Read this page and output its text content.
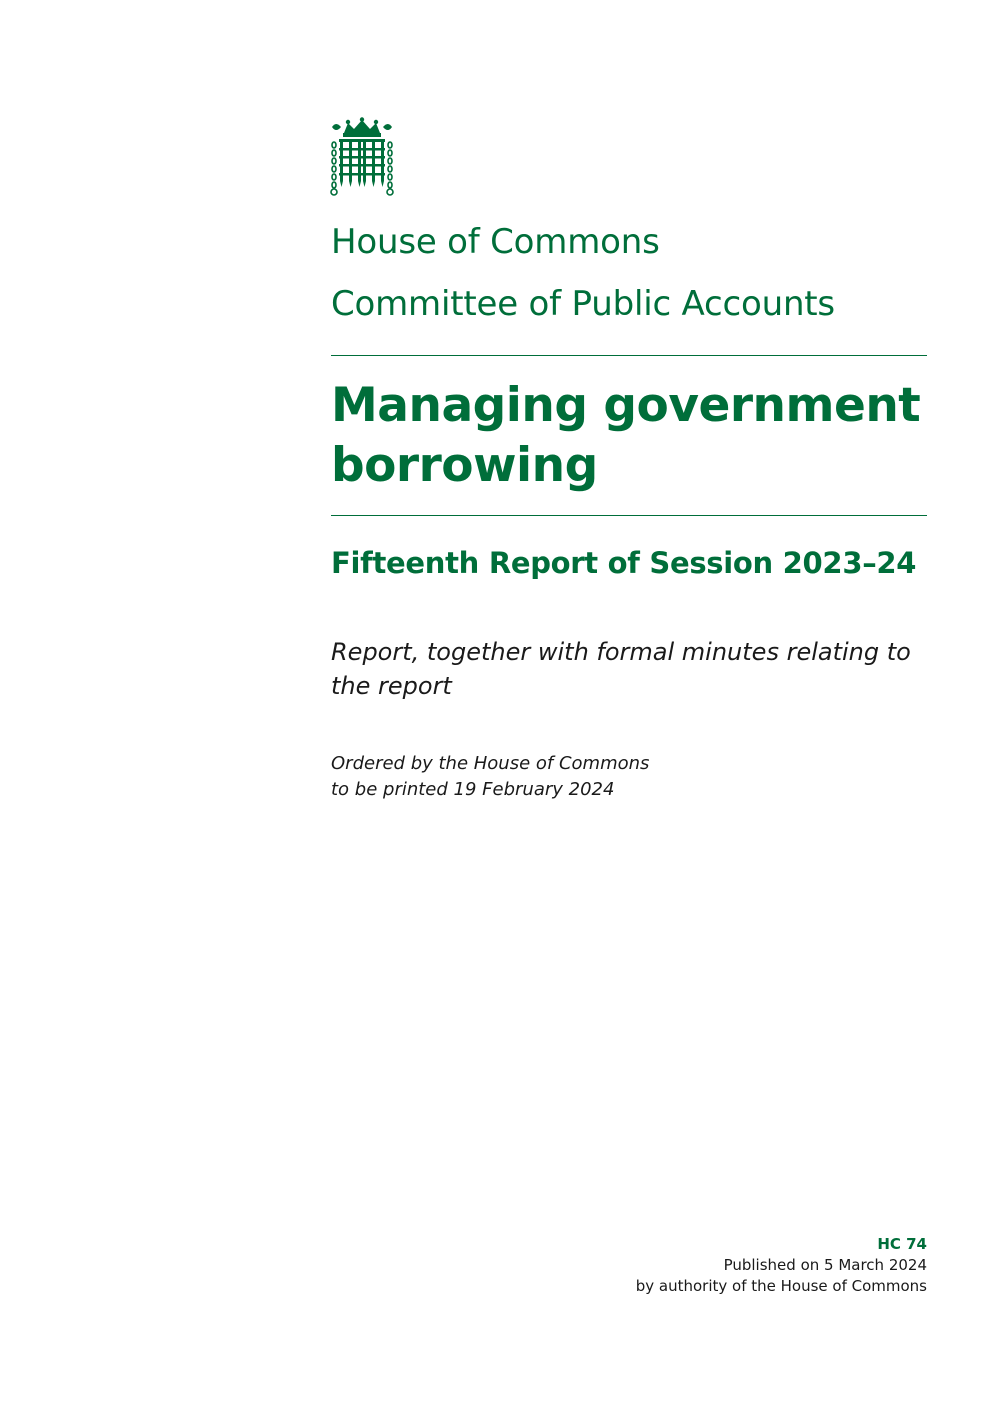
House of Commons
Committee of Public Accounts
Managing government borrowing
Fifteenth Report of Session 2023–24
Report, together with formal minutes relating to the report
Ordered by the House of Commons
to be printed 19 February 2024
HC 74
Published on 5 March 2024
by authority of the House of Commons
